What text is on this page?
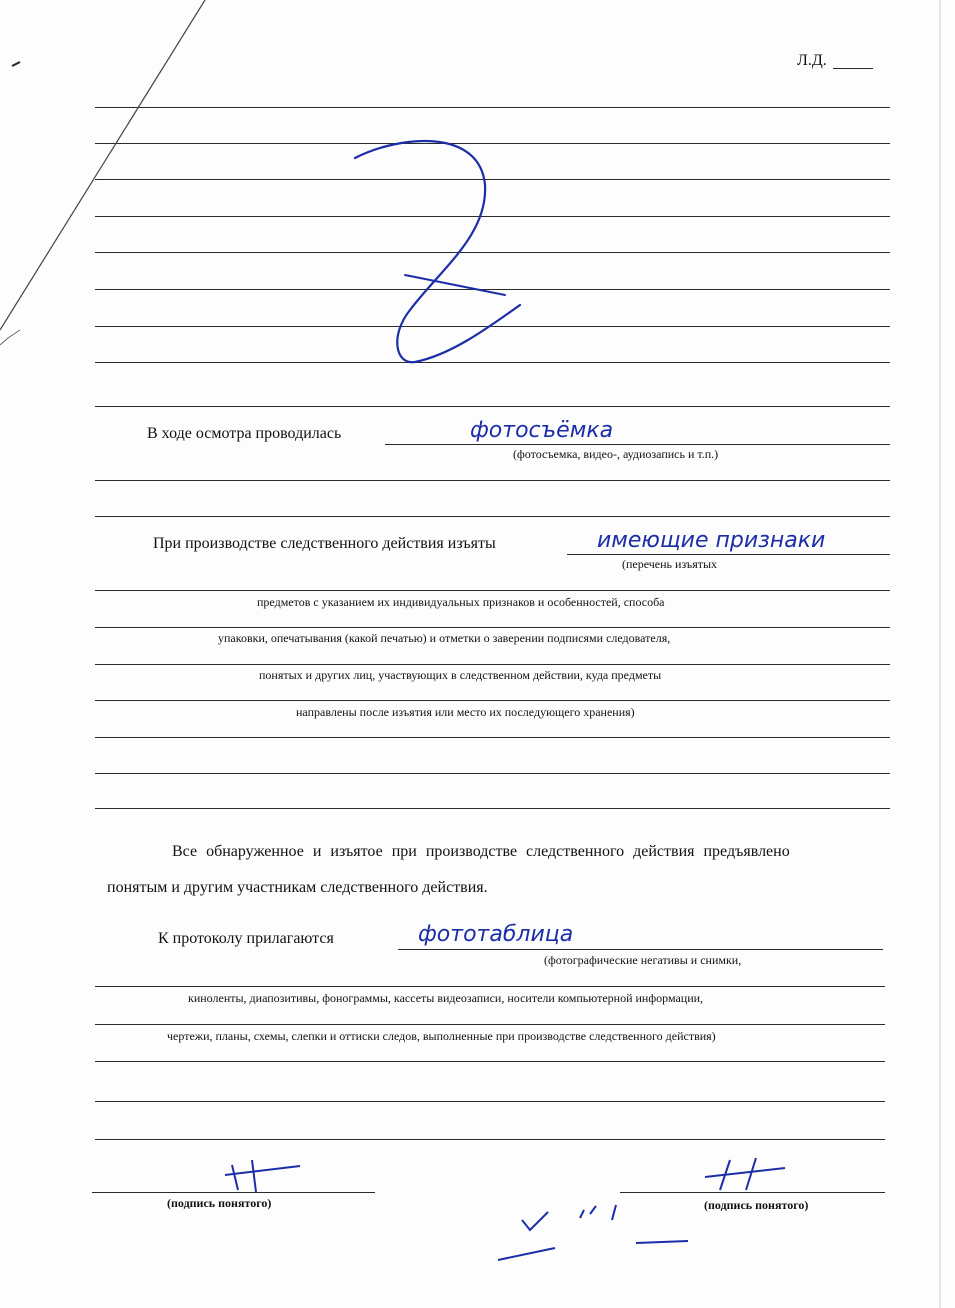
Л.Д.
В ходе осмотра проводилась	фотосъёмка
(фотосъемка, видео-, аудиозапись и т.п.)
При производстве следственного действия изъяты	имеющие признаки
(перечень изъятых
предметов с указанием их индивидуальных признаков и особенностей, способа
упаковки, опечатывания (какой печатью) и отметки о заверении подписями следователя,
понятых и других лиц, участвующих в следственном действии, куда предметы
направлены после изъятия или место их последующего хранения)
Все обнаруженное и изъятое при производстве следственного действия предъявлено
понятым и другим участникам следственного действия.
К протоколу прилагаются	фототаблица
(фотографические негативы и снимки,
киноленты, диапозитивы, фонограммы, кассеты видеозаписи, носители компьютерной информации,
чертежи, планы, схемы, слепки и оттиски следов, выполненные при производстве следственного действия)
(подпись понятого)	(подпись понятого)
